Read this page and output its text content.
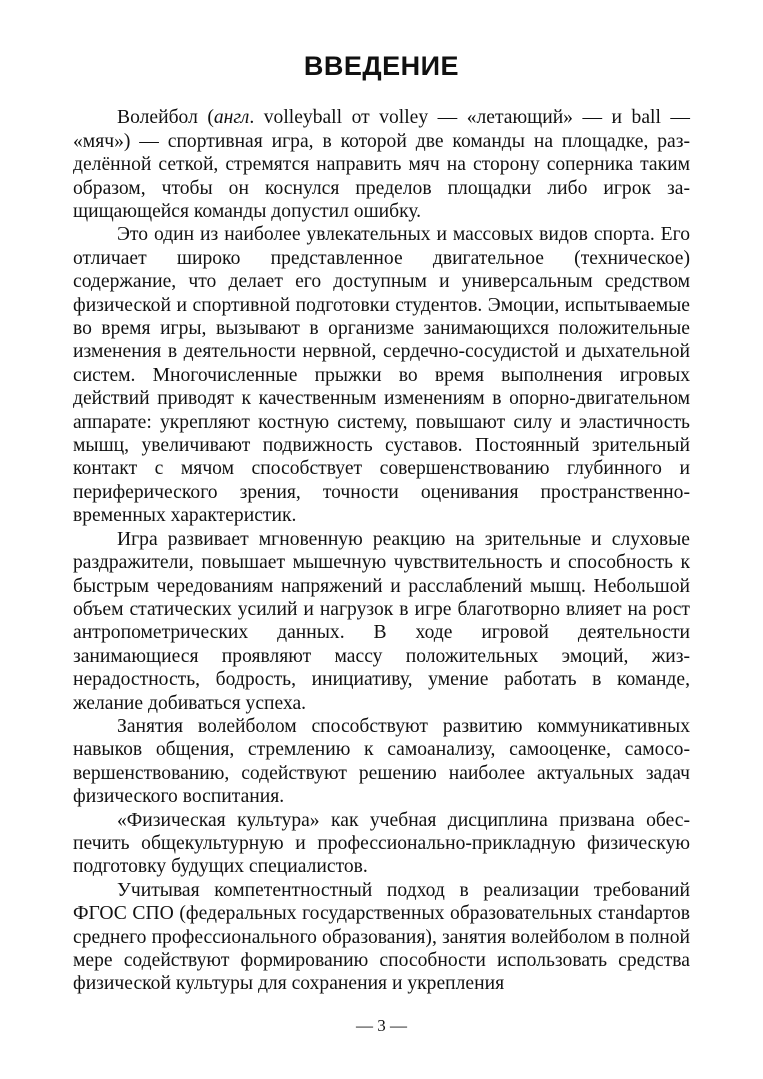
ВВЕДЕНИЕ

Волейбол (англ. volleyball от volley — «летающий» — и ball — «мяч») — спортивная игра, в которой две команды на площадке, разделённой сеткой, стремятся направить мяч на сторону соперника таким образом, чтобы он коснулся пределов площадки либо игрок защищающейся команды допустил ошибку.

Это один из наиболее увлекательных и массовых видов спорта. Его отличает широко представленное двигательное (техническое) содержание, что делает его доступным и универсальным средством физической и спортивной подготовки студентов. Эмоции, испытываемые во время игры, вызывают в организме занимающихся положительные изменения в деятельности нервной, сердечно-сосудистой и дыхательной систем. Многочисленные прыжки во время выполнения игровых действий приводят к качественным изменениям в опорно-двигательном аппарате: укрепляют костную систему, повышают силу и эластичность мышц, увеличивают подвижность суставов. Постоянный зрительный контакт с мячом способствует совершенствованию глубинного и периферического зрения, точности оценивания пространственно-временных характеристик.

Игра развивает мгновенную реакцию на зрительные и слуховые раздражители, повышает мышечную чувствительность и способность к быстрым чередованиям напряжений и расслаблений мышц. Небольшой объем статических усилий и нагрузок в игре благотворно влияет на рост антропометрических данных. В ходе игровой деятельности занимающиеся проявляют массу положительных эмоций, жизнерадостность, бодрость, инициативу, умение работать в команде, желание добиваться успеха.

Занятия волейболом способствуют развитию коммуникативных навыков общения, стремлению к самоанализу, самооценке, самосовершенствованию, содействуют решению наиболее актуальных задач физического воспитания.

«Физическая культура» как учебная дисциплина призвана обеспечить общекультурную и профессионально-прикладную физическую подготовку будущих специалистов.

Учитывая компетентностный подход в реализации требований ФГОС СПО (федеральных государственных образовательных станdартов среднего профессионального образования), занятия волейболом в полной мере содействуют формированию способности использовать средства физической культуры для сохранения и укрепления

— 3 —
